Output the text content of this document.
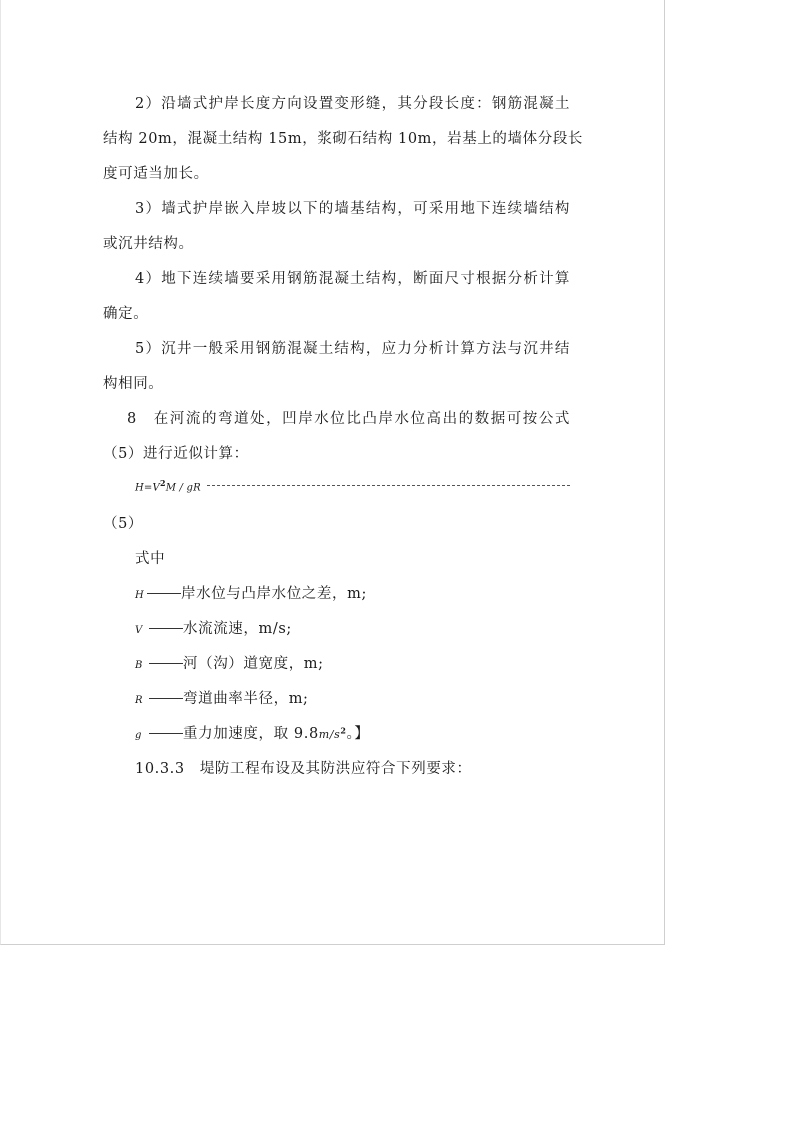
2）沿墙式护岸长度方向设置变形缝，其分段长度：钢筋混凝土
结构 20m，混凝土结构 15m，浆砌石结构 10m，岩基上的墙体分段长
度可适当加长。
3）墙式护岸嵌入岸坡以下的墙基结构，可采用地下连续墙结构
或沉井结构。
4）地下连续墙要采用钢筋混凝土结构，断面尺寸根据分析计算
确定。
5）沉井一般采用钢筋混凝土结构，应力分析计算方法与沉井结
构相同。
8　在河流的弯道处，凹岸水位比凸岸水位高出的数据可按公式
（5）进行近似计算：
$H=V^2M$ / gR
（5）
式中
H	岸水位与凸岸水位之差，m;
V	水流流速，m/s;
B	河（沟）道宽度，m;
R	弯道曲率半径，m;
g	重力加速度，取 $9.8m/s^2$。】
10.3.3　堤防工程布设及其防洪应符合下列要求：
